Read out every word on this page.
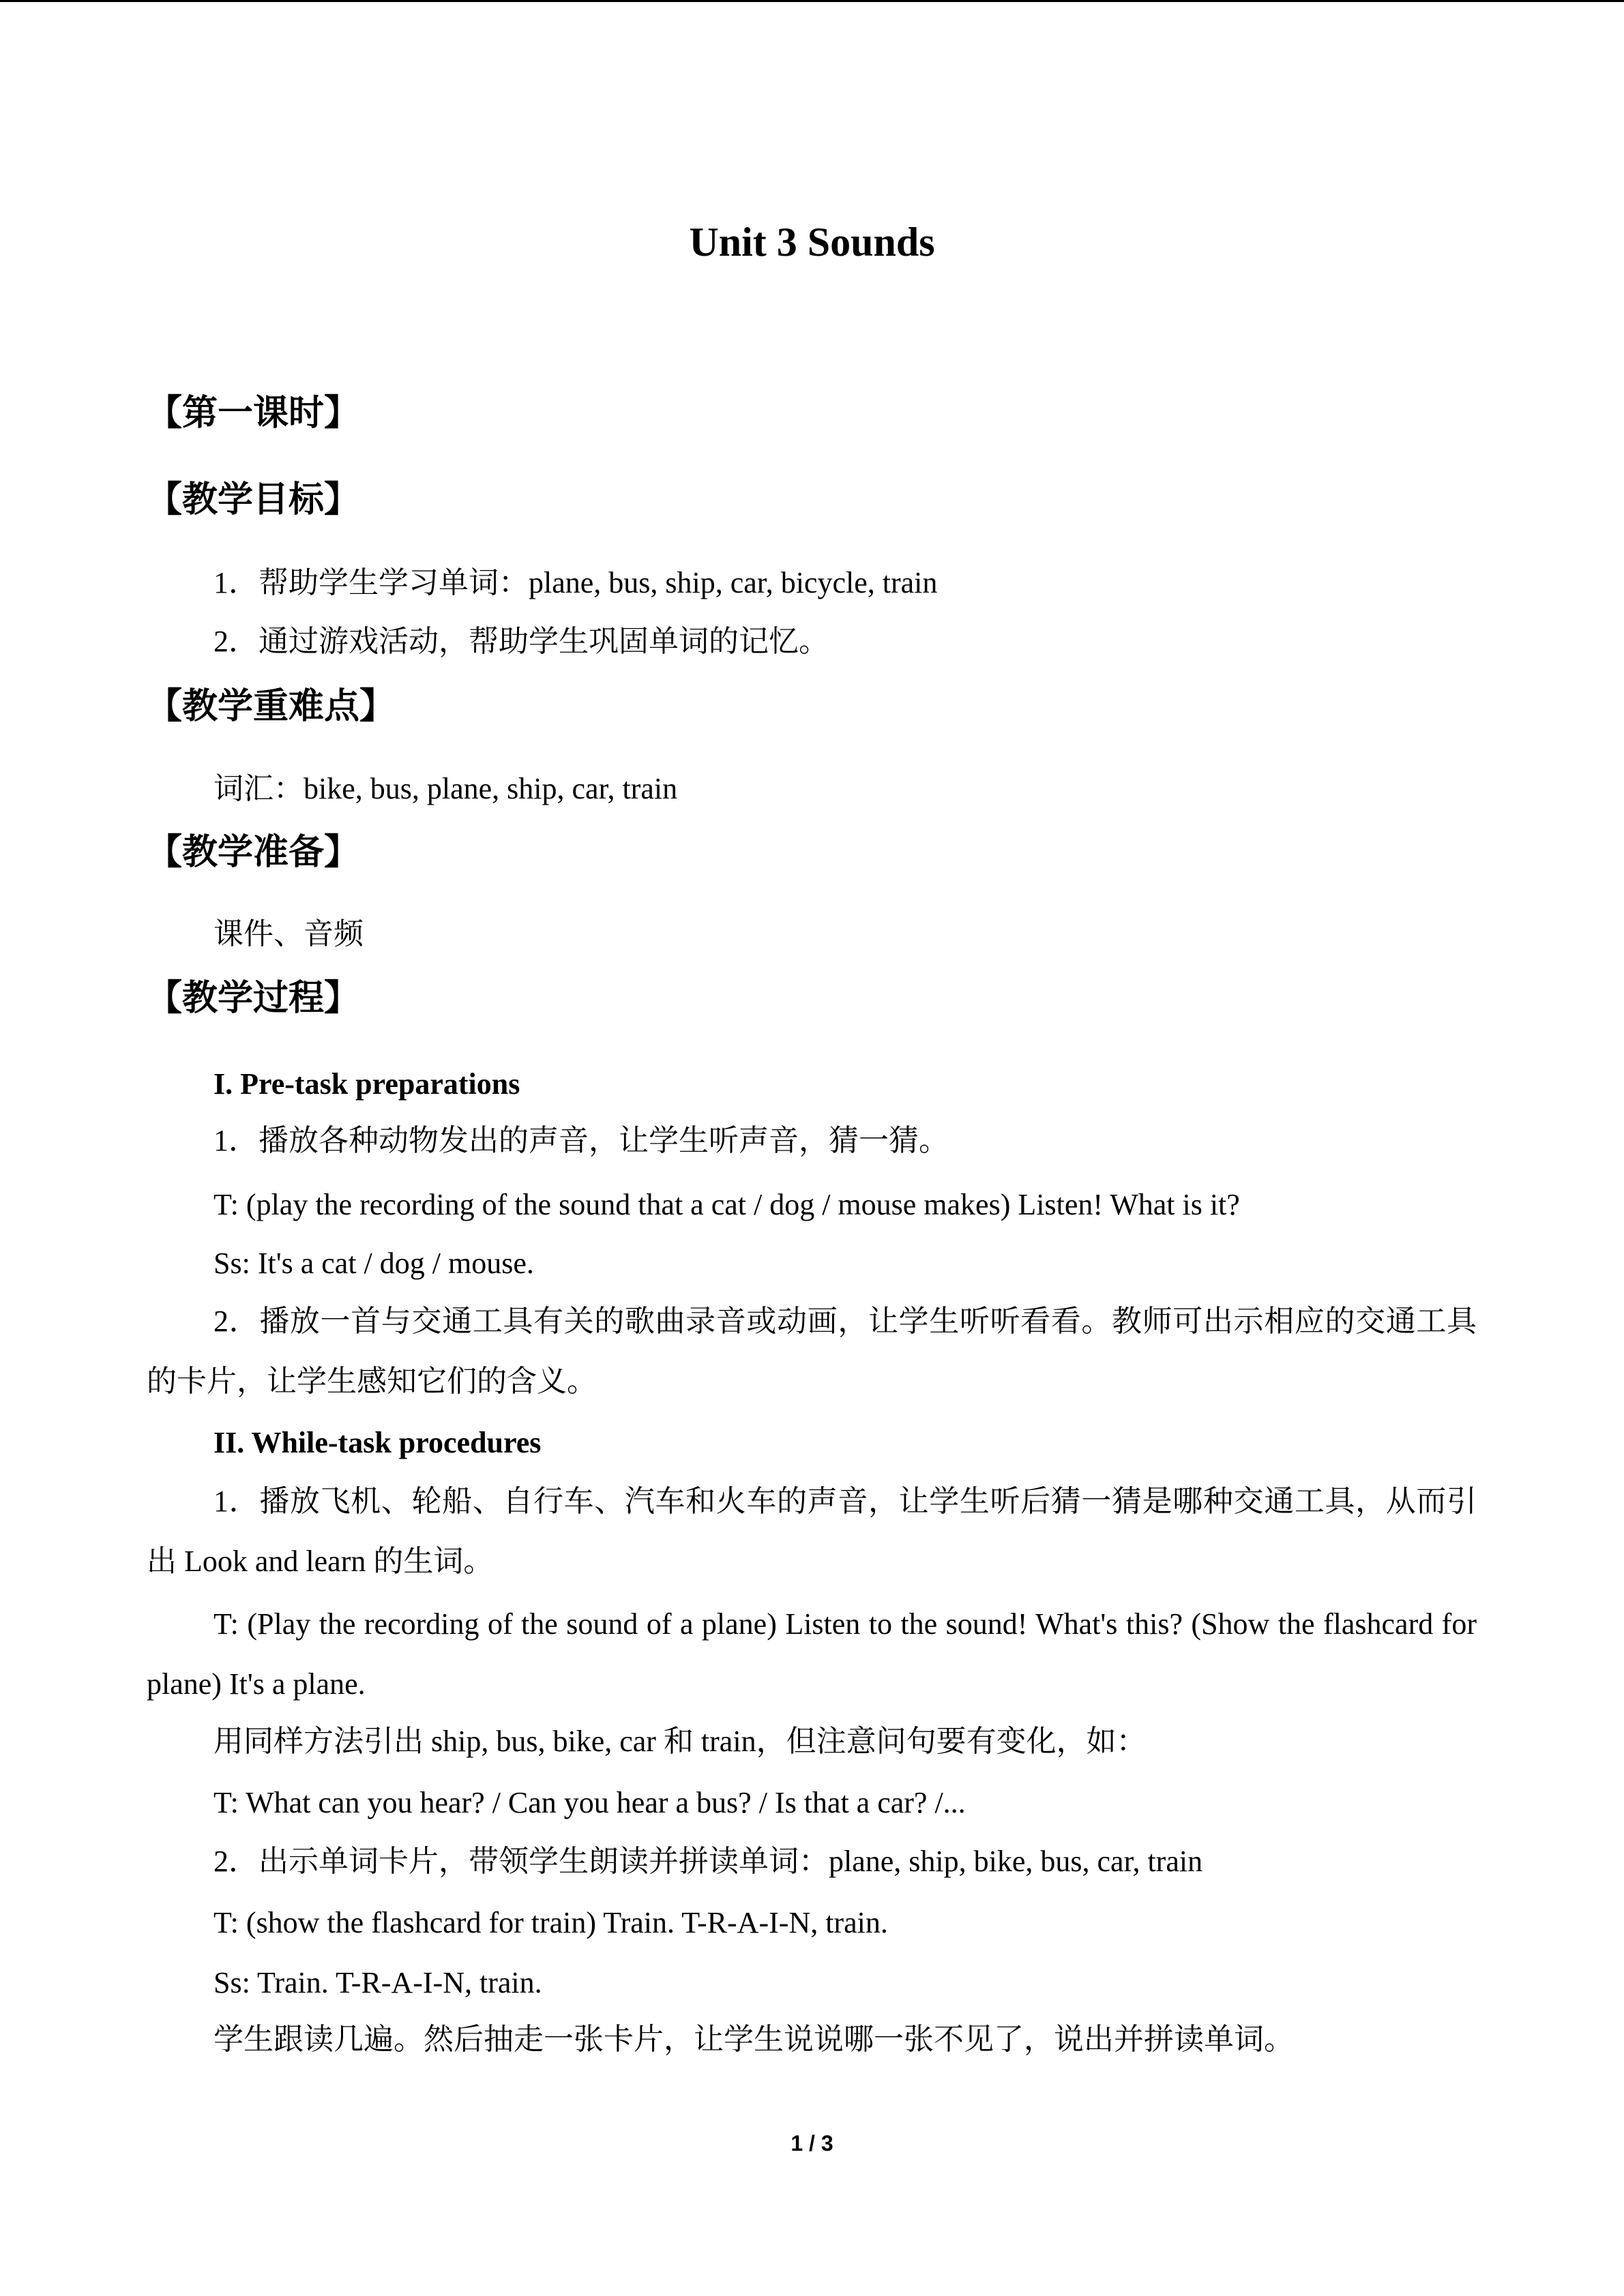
Unit 3 Sounds
【第一课时】
【教学目标】
1．帮助学生学习单词：plane, bus, ship, car, bicycle, train
2．通过游戏活动，帮助学生巩固单词的记忆。
【教学重难点】
词汇：bike, bus, plane, ship, car, train
【教学准备】
课件、音频
【教学过程】
I. Pre-task preparations
1．播放各种动物发出的声音，让学生听声音，猜一猜。
T: (play the recording of the sound that a cat / dog / mouse makes) Listen! What is it?
Ss: It's a cat / dog / mouse.
2．播放一首与交通工具有关的歌曲录音或动画，让学生听听看看。教师可出示相应的交通工具的卡片，让学生感知它们的含义。
II. While-task procedures
1．播放飞机、轮船、自行车、汽车和火车的声音，让学生听后猜一猜是哪种交通工具，从而引出 Look and learn 的生词。
T: (Play the recording of the sound of a plane) Listen to the sound! What's this? (Show the flashcard for plane) It's a plane.
用同样方法引出 ship, bus, bike, car 和 train，但注意问句要有变化，如：
T: What can you hear? / Can you hear a bus? / Is that a car? /...
2．出示单词卡片，带领学生朗读并拼读单词：plane, ship, bike, bus, car, train
T: (show the flashcard for train) Train. T-R-A-I-N, train.
Ss: Train. T-R-A-I-N, train.
学生跟读几遍。然后抽走一张卡片，让学生说说哪一张不见了，说出并拼读单词。
1 / 3
